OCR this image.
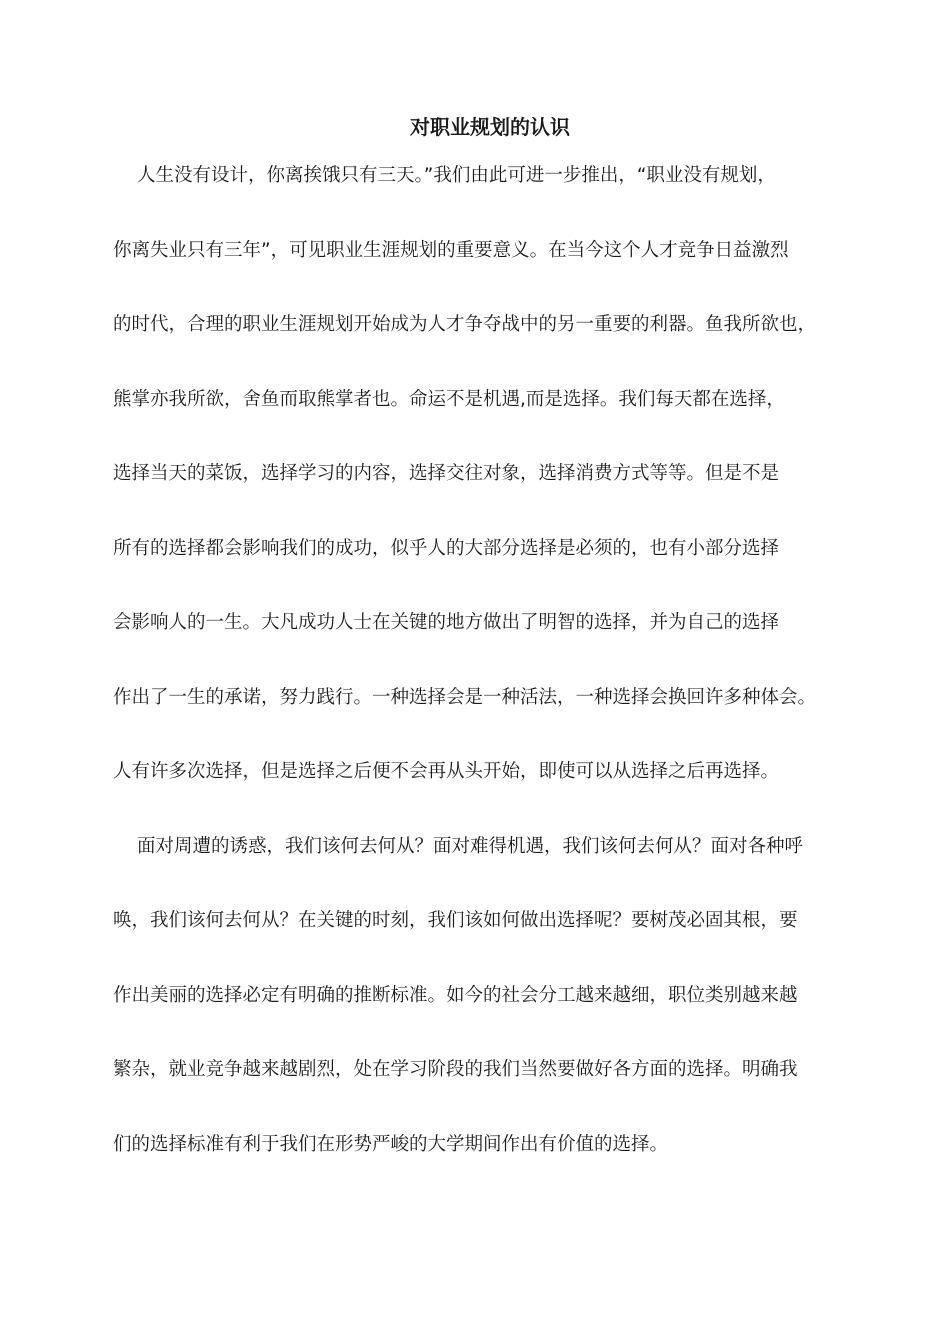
对职业规划的认识
人生没有设计，你离挨饿只有三天。”我们由此可进一步推出，“职业没有规划，
你离失业只有三年”，可见职业生涯规划的重要意义。在当今这个人才竞争日益激烈
的时代，合理的职业生涯规划开始成为人才争夺战中的另一重要的利器。鱼我所欲也，
熊掌亦我所欲，舍鱼而取熊掌者也。命运不是机遇,而是选择。我们每天都在选择，
选择当天的菜饭，选择学习的内容，选择交往对象，选择消费方式等等。但是不是
所有的选择都会影响我们的成功，似乎人的大部分选择是必须的，也有小部分选择
会影响人的一生。大凡成功人士在关键的地方做出了明智的选择，并为自己的选择
作出了一生的承诺，努力践行。一种选择会是一种活法，一种选择会换回许多种体会。
人有许多次选择，但是选择之后便不会再从头开始，即使可以从选择之后再选择。
面对周遭的诱惑，我们该何去何从？面对难得机遇，我们该何去何从？面对各种呼
唤，我们该何去何从？在关键的时刻，我们该如何做出选择呢？要树茂必固其根，要
作出美丽的选择必定有明确的推断标准。如今的社会分工越来越细，职位类别越来越
繁杂，就业竞争越来越剧烈，处在学习阶段的我们当然要做好各方面的选择。明确我
们的选择标准有利于我们在形势严峻的大学期间作出有价值的选择。
